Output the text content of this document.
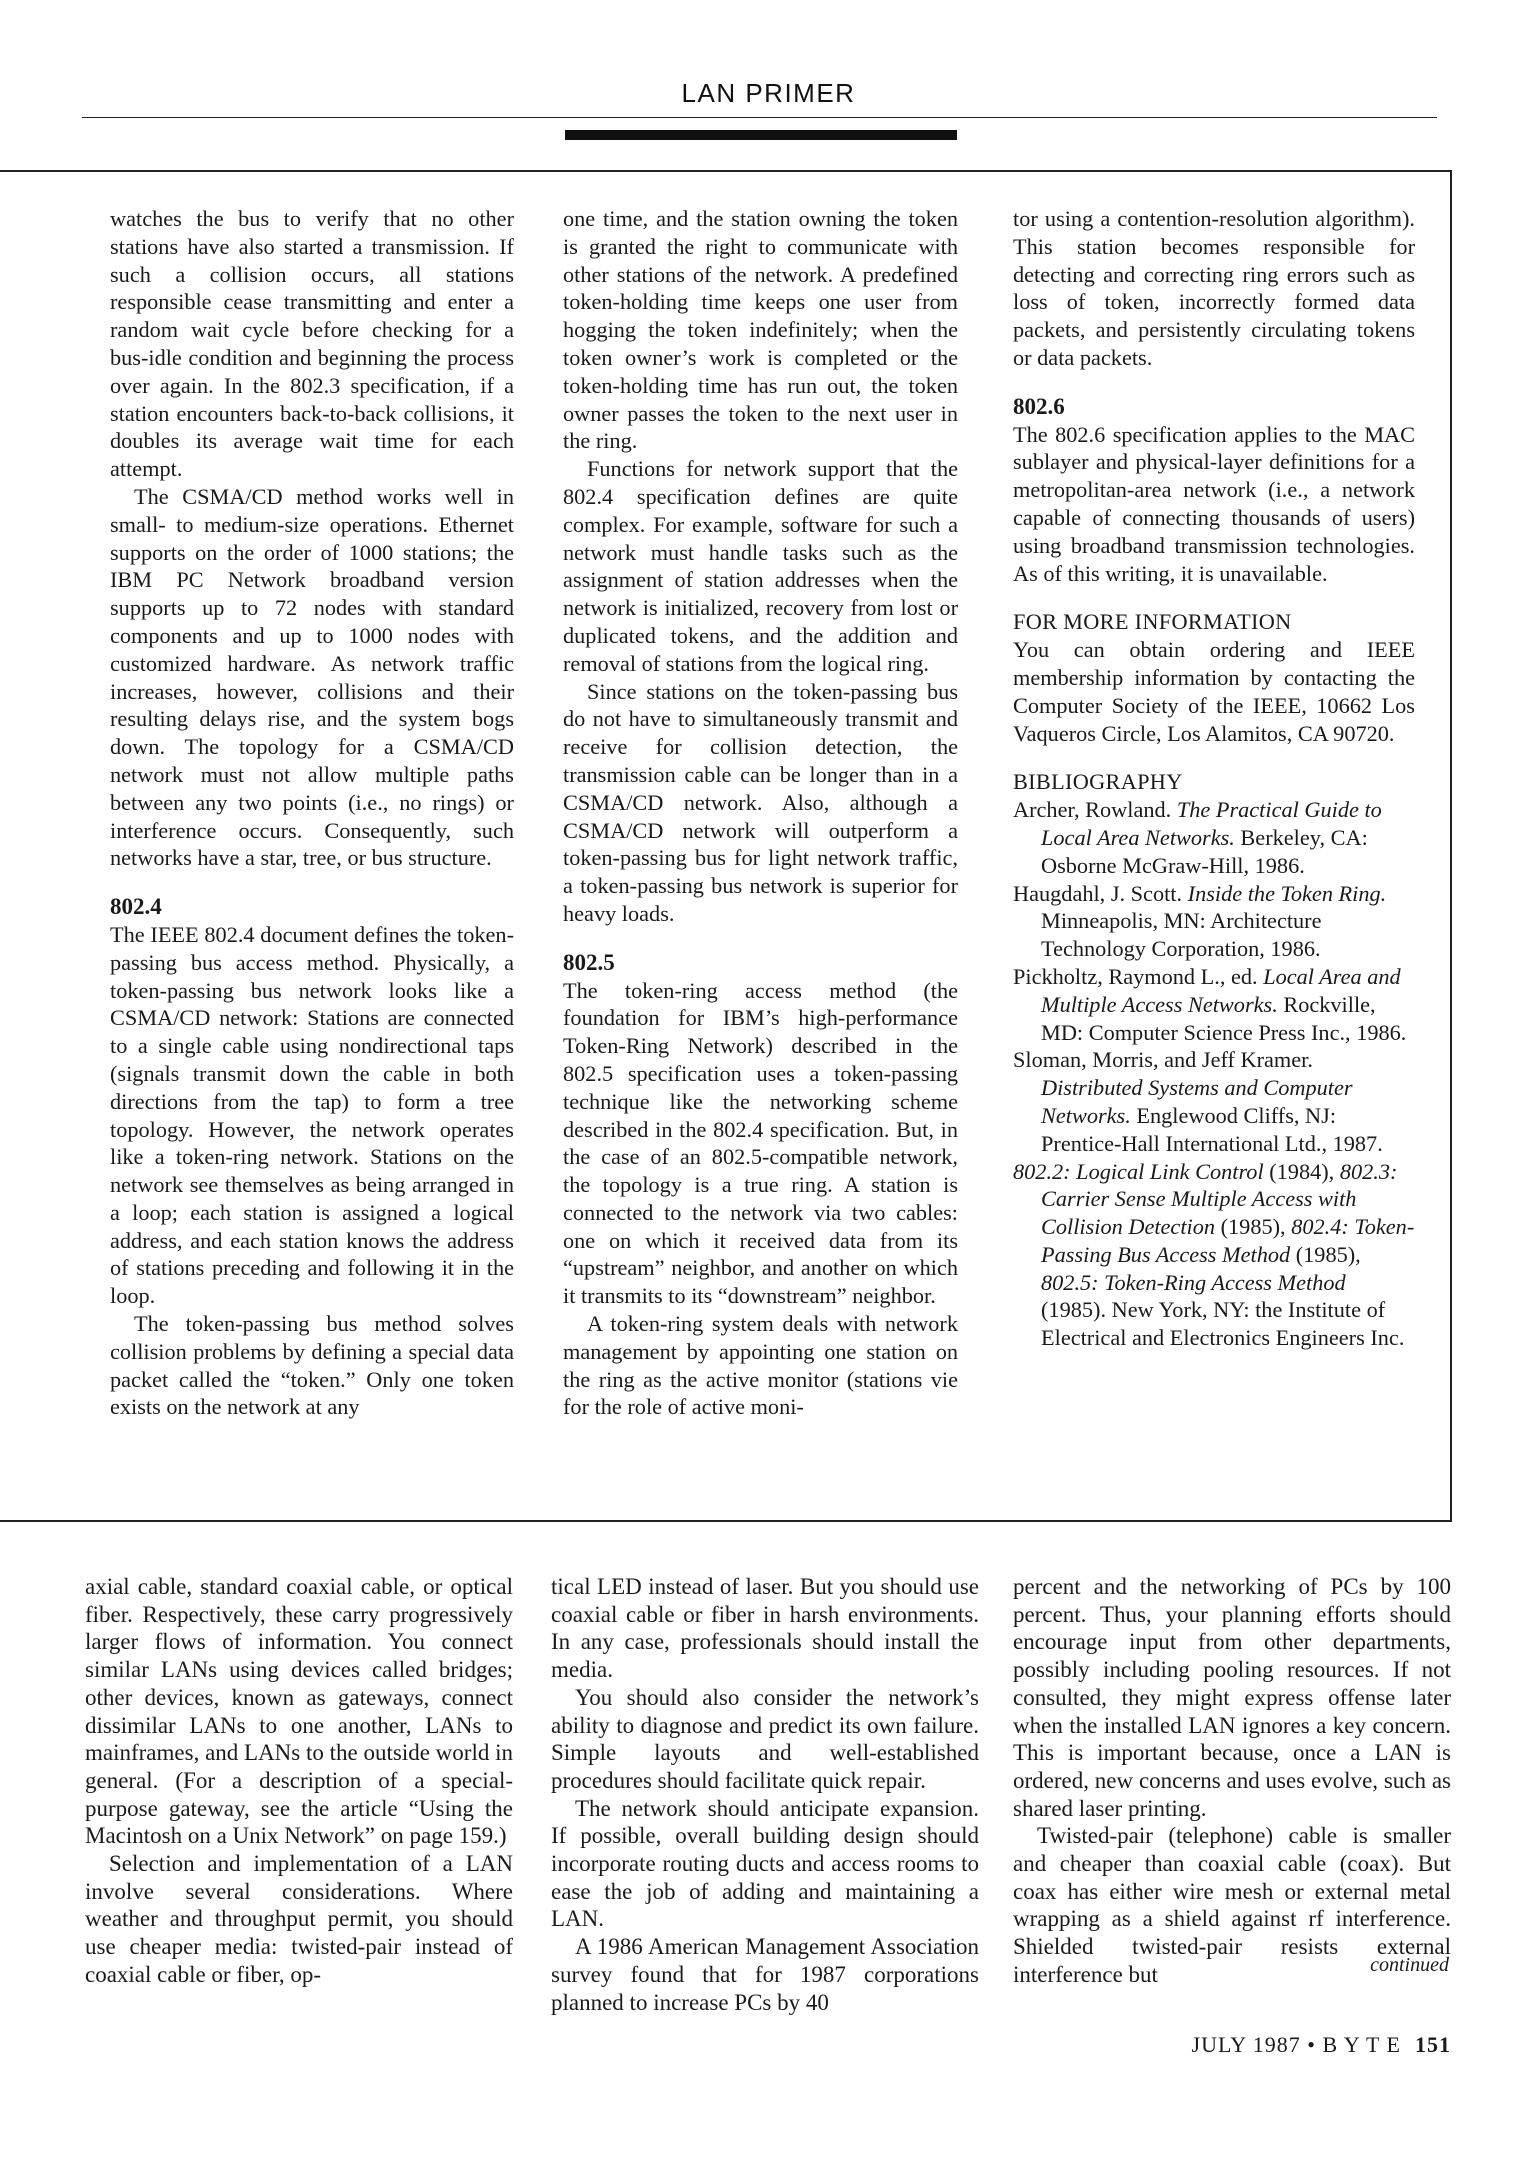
LAN PRIMER

watches the bus to verify that no other stations have also started a transmission. If such a collision occurs, all stations responsible cease transmitting and enter a random wait cycle before checking for a bus-idle condition and beginning the process over again. In the 802.3 specification, if a station encounters back-to-back collisions, it doubles its average wait time for each attempt.

The CSMA/CD method works well in small- to medium-size operations. Ethernet supports on the order of 1000 stations; the IBM PC Network broadband version supports up to 72 nodes with standard components and up to 1000 nodes with customized hardware. As network traffic increases, however, collisions and their resulting delays rise, and the system bogs down. The topology for a CSMA/CD network must not allow multiple paths between any two points (i.e., no rings) or interference occurs. Consequently, such networks have a star, tree, or bus structure.

802.4

The IEEE 802.4 document defines the token-passing bus access method. Physically, a token-passing bus network looks like a CSMA/CD network: Stations are connected to a single cable using nondirectional taps (signals transmit down the cable in both directions from the tap) to form a tree topology. However, the network operates like a token-ring network. Stations on the network see themselves as being arranged in a loop; each station is assigned a logical address, and each station knows the address of stations preceding and following it in the loop.

The token-passing bus method solves collision problems by defining a special data packet called the “token.” Only one token exists on the network at any

one time, and the station owning the token is granted the right to communicate with other stations of the network. A predefined token-holding time keeps one user from hogging the token indefinitely; when the token owner’s work is completed or the token-holding time has run out, the token owner passes the token to the next user in the ring.

Functions for network support that the 802.4 specification defines are quite complex. For example, software for such a network must handle tasks such as the assignment of station addresses when the network is initialized, recovery from lost or duplicated tokens, and the addition and removal of stations from the logical ring.

Since stations on the token-passing bus do not have to simultaneously transmit and receive for collision detection, the transmission cable can be longer than in a CSMA/CD network. Also, although a CSMA/CD network will outperform a token-passing bus for light network traffic, a token-passing bus network is superior for heavy loads.

802.5

The token-ring access method (the foundation for IBM’s high-performance Token-Ring Network) described in the 802.5 specification uses a token-passing technique like the networking scheme described in the 802.4 specification. But, in the case of an 802.5-compatible network, the topology is a true ring. A station is connected to the network via two cables: one on which it received data from its “upstream” neighbor, and another on which it transmits to its “downstream” neighbor.

A token-ring system deals with network management by appointing one station on the ring as the active monitor (stations vie for the role of active moni-

tor using a contention-resolution algorithm). This station becomes responsible for detecting and correcting ring errors such as loss of token, incorrectly formed data packets, and persistently circulating tokens or data packets.

802.6

The 802.6 specification applies to the MAC sublayer and physical-layer definitions for a metropolitan-area network (i.e., a network capable of connecting thousands of users) using broadband transmission technologies. As of this writing, it is unavailable.

FOR MORE INFORMATION

You can obtain ordering and IEEE membership information by contacting the Computer Society of the IEEE, 10662 Los Vaqueros Circle, Los Alamitos, CA 90720.

BIBLIOGRAPHY

Archer, Rowland. The Practical Guide to Local Area Networks. Berkeley, CA: Osborne McGraw-Hill, 1986.

Haugdahl, J. Scott. Inside the Token Ring. Minneapolis, MN: Architecture Technology Corporation, 1986.

Pickholtz, Raymond L., ed. Local Area and Multiple Access Networks. Rockville, MD: Computer Science Press Inc., 1986.

Sloman, Morris, and Jeff Kramer. Distributed Systems and Computer Networks. Englewood Cliffs, NJ: Prentice-Hall International Ltd., 1987.

802.2: Logical Link Control (1984), 802.3: Carrier Sense Multiple Access with Collision Detection (1985), 802.4: Token-Passing Bus Access Method (1985), 802.5: Token-Ring Access Method (1985). New York, NY: the Institute of Electrical and Electronics Engineers Inc.

axial cable, standard coaxial cable, or optical fiber. Respectively, these carry progressively larger flows of information. You connect similar LANs using devices called bridges; other devices, known as gateways, connect dissimilar LANs to one another, LANs to mainframes, and LANs to the outside world in general. (For a description of a special-purpose gateway, see the article “Using the Macintosh on a Unix Network” on page 159.)

Selection and implementation of a LAN involve several considerations. Where weather and throughput permit, you should use cheaper media: twisted-pair instead of coaxial cable or fiber, op-

tical LED instead of laser. But you should use coaxial cable or fiber in harsh environments. In any case, professionals should install the media.

You should also consider the network’s ability to diagnose and predict its own failure. Simple layouts and well-established procedures should facilitate quick repair.

The network should anticipate expansion. If possible, overall building design should incorporate routing ducts and access rooms to ease the job of adding and maintaining a LAN.

A 1986 American Management Association survey found that for 1987 corporations planned to increase PCs by 40

percent and the networking of PCs by 100 percent. Thus, your planning efforts should encourage input from other departments, possibly including pooling resources. If not consulted, they might express offense later when the installed LAN ignores a key concern. This is important because, once a LAN is ordered, new concerns and uses evolve, such as shared laser printing.

Twisted-pair (telephone) cable is smaller and cheaper than coaxial cable (coax). But coax has either wire mesh or external metal wrapping as a shield against rf interference. Shielded twisted-pair resists external interference but	continued
JULY 1987 • B Y T E 151
